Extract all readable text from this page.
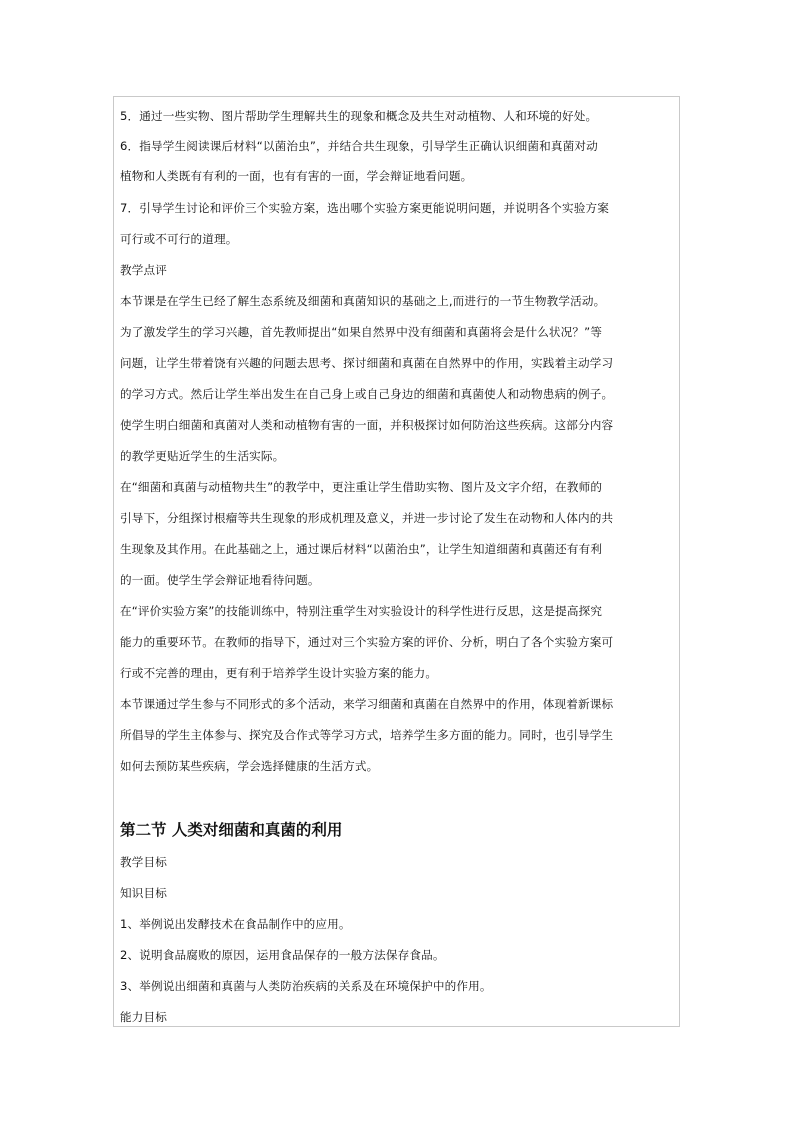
5．通过一些实物、图片帮助学生理解共生的现象和概念及共生对动植物、人和环境的好处。
6．指导学生阅读课后材料“以菌治虫”，并结合共生现象，引导学生正确认识细菌和真菌对动
植物和人类既有有利的一面，也有有害的一面，学会辩证地看问题。
7．引导学生讨论和评价三个实验方案，选出哪个实验方案更能说明问题，并说明各个实验方案
可行或不可行的道理。
教学点评
本节课是在学生已经了解生态系统及细菌和真菌知识的基础之上,而进行的一节生物教学活动。
为了激发学生的学习兴趣，首先教师提出“如果自然界中没有细菌和真菌将会是什么状况？”等
问题，让学生带着饶有兴趣的问题去思考、探讨细菌和真菌在自然界中的作用，实践着主动学习
的学习方式。然后让学生举出发生在自己身上或自己身边的细菌和真菌使人和动物患病的例子。
使学生明白细菌和真菌对人类和动植物有害的一面，并积极探讨如何防治这些疾病。这部分内容
的教学更贴近学生的生活实际。
在“细菌和真菌与动植物共生”的教学中，更注重让学生借助实物、图片及文字介绍，在教师的
引导下，分组探讨根瘤等共生现象的形成机理及意义，并进一步讨论了发生在动物和人体内的共
生现象及其作用。在此基础之上，通过课后材料“以菌治虫”，让学生知道细菌和真菌还有有利
的一面。使学生学会辩证地看待问题。
在“评价实验方案”的技能训练中，特别注重学生对实验设计的科学性进行反思，这是提高探究
能力的重要环节。在教师的指导下，通过对三个实验方案的评价、分析，明白了各个实验方案可
行或不完善的理由，更有利于培养学生设计实验方案的能力。
本节课通过学生参与不同形式的多个活动，来学习细菌和真菌在自然界中的作用，体现着新课标
所倡导的学生主体参与、探究及合作式等学习方式，培养学生多方面的能力。同时，也引导学生
如何去预防某些疾病，学会选择健康的生活方式。
第二节 人类对细菌和真菌的利用
教学目标
知识目标
1、举例说出发酵技术在食品制作中的应用。
2、说明食品腐败的原因，运用食品保存的一般方法保存食品。
3、举例说出细菌和真菌与人类防治疾病的关系及在环境保护中的作用。
能力目标
